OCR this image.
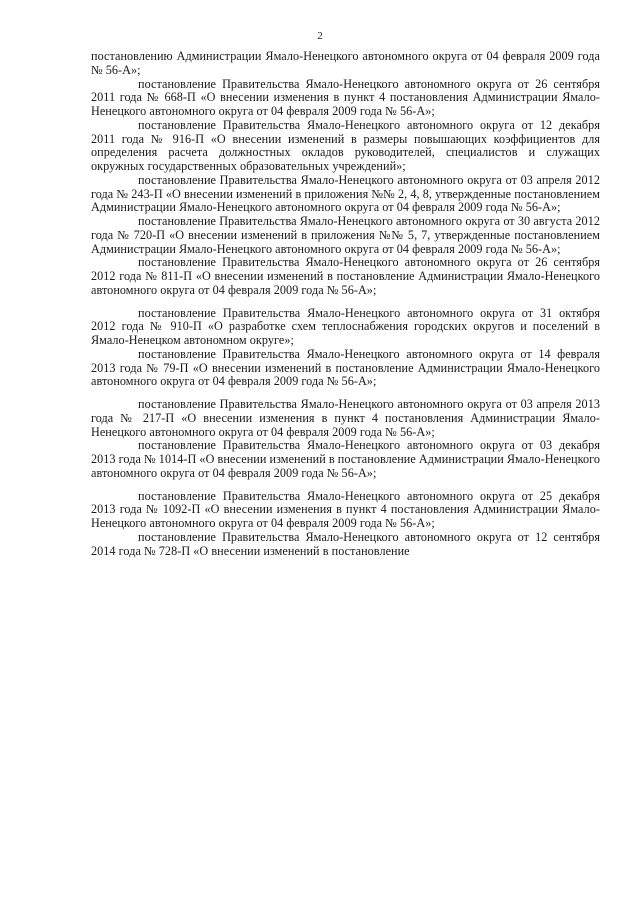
2

постановлению Администрации Ямало-Ненецкого автономного округа от 04 февраля 2009 года № 56-А»;

постановление Правительства Ямало-Ненецкого автономного округа от 26 сентября 2011 года № 668-П «О внесении изменения в пункт 4 постановления Администрации Ямало-Ненецкого автономного округа от 04 февраля 2009 года № 56-А»;

постановление Правительства Ямало-Ненецкого автономного округа от 12 декабря 2011 года № 916-П «О внесении изменений в размеры повышающих коэффициентов для определения расчета должностных окладов руководителей, специалистов и служащих окружных государственных образовательных учреждений»;

постановление Правительства Ямало-Ненецкого автономного округа от 03 апреля 2012 года № 243-П «О внесении изменений в приложения №№ 2, 4, 8, утвержденные постановлением Администрации Ямало-Ненецкого автономного округа от 04 февраля 2009 года № 56-А»;

постановление Правительства Ямало-Ненецкого автономного округа от 30 августа 2012 года № 720-П «О внесении изменений в приложения №№ 5, 7, утвержденные постановлением Администрации Ямало-Ненецкого автономного округа от 04 февраля 2009 года № 56-А»;

постановление Правительства Ямало-Ненецкого автономного округа от 26 сентября 2012 года № 811-П «О внесении изменений в постановление Администрации Ямало-Ненецкого автономного округа от 04 февраля 2009 года № 56-А»;

постановление Правительства Ямало-Ненецкого автономного округа от 31 октября 2012 года № 910-П «О разработке схем теплоснабжения городских округов и поселений в Ямало-Ненецком автономном округе»;

постановление Правительства Ямало-Ненецкого автономного округа от 14 февраля 2013 года № 79-П «О внесении изменений в постановление Администрации Ямало-Ненецкого автономного округа от 04 февраля 2009 года № 56-А»;

постановление Правительства Ямало-Ненецкого автономного округа от 03 апреля 2013 года № 217-П «О внесении изменения в пункт 4 постановления Администрации Ямало-Ненецкого автономного округа от 04 февраля 2009 года № 56-А»;

постановление Правительства Ямало-Ненецкого автономного округа от 03 декабря 2013 года № 1014-П «О внесении изменений в постановление Администрации Ямало-Ненецкого автономного округа от 04 февраля 2009 года № 56-А»;

постановление Правительства Ямало-Ненецкого автономного округа от 25 декабря 2013 года № 1092-П «О внесении изменения в пункт 4 постановления Администрации Ямало-Ненецкого автономного округа от 04 февраля 2009 года № 56-А»;

постановление Правительства Ямало-Ненецкого автономного округа от 12 сентября 2014 года № 728-П «О внесении изменений в постановление
